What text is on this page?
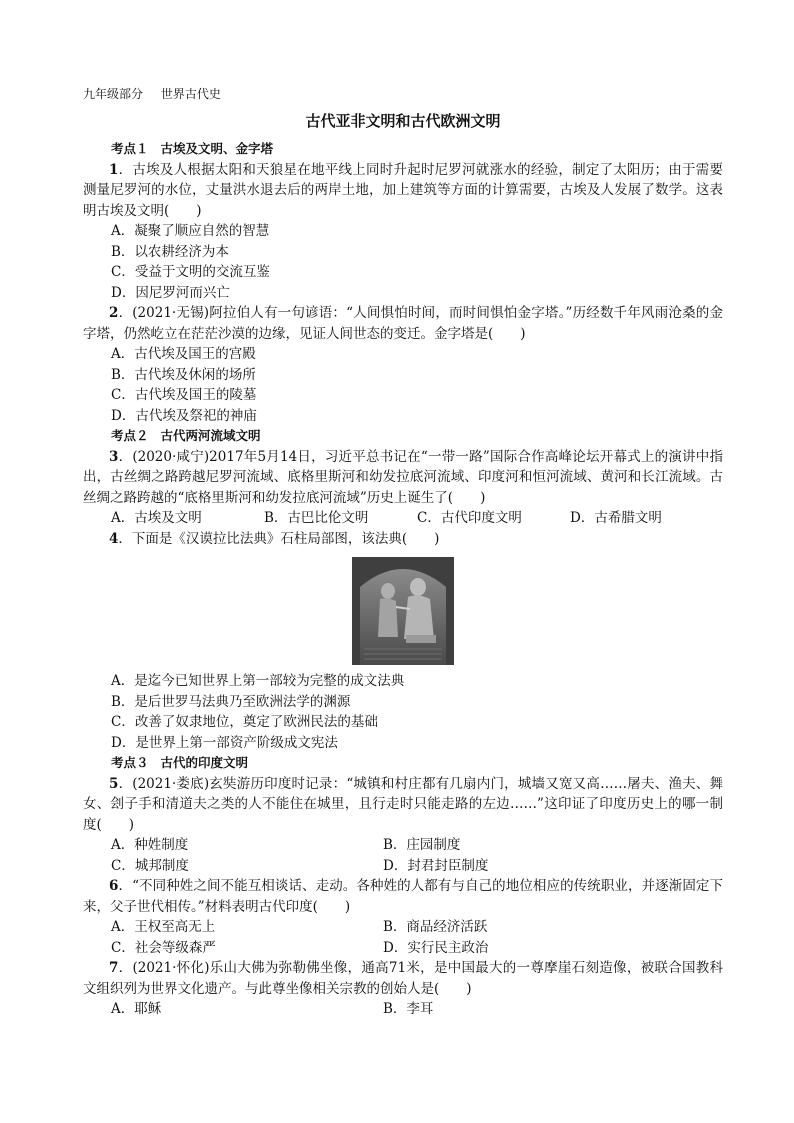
九年级部分 世界古代史
古代亚非文明和古代欧洲文明
考点１ 古埃及文明、金字塔
1．古埃及人根据太阳和天狼星在地平线上同时升起时尼罗河就涨水的经验，制定了太阳历；由于需要测量尼罗河的水位，丈量洪水退去后的两岸土地，加上建筑等方面的计算需要，古埃及人发展了数学。这表明古埃及文明(　　)
A．凝聚了顺应自然的智慧
B．以农耕经济为本
C．受益于文明的交流互鉴
D．因尼罗河而兴亡
2．(2021·无锡)阿拉伯人有一句谚语：“人间惧怕时间，而时间惧怕金字塔。”历经数千年风雨沧桑的金字塔，仍然屹立在茫茫沙漠的边缘，见证人间世态的变迁。金字塔是(　　)
A．古代埃及国王的宫殿
B．古代埃及休闲的场所
C．古代埃及国王的陵墓
D．古代埃及祭祀的神庙
考点２ 古代两河流域文明
3．(2020·咸宁)2017年5月14日，习近平总书记在“一带一路”国际合作高峰论坛开幕式上的演讲中指出，古丝绸之路跨越尼罗河流域、底格里斯河和幼发拉底河流域、印度河和恒河流域、黄河和长江流域。古丝绸之路跨越的“底格里斯河和幼发拉底河流域”历史上诞生了(　　)
A．古埃及文明	B．古巴比伦文明	C．古代印度文明	D．古希腊文明
4．下面是《汉谟拉比法典》石柱局部图，该法典(　　)
A．是迄今已知世界上第一部较为完整的成文法典
B．是后世罗马法典乃至欧洲法学的渊源
C．改善了奴隶地位，奠定了欧洲民法的基础
D．是世界上第一部资产阶级成文宪法
考点３ 古代的印度文明
5．(2021·娄底)玄奘游历印度时记录：“城镇和村庄都有几扇内门，城墙又宽又高……屠夫、渔夫、舞女、刽子手和清道夫之类的人不能住在城里，且行走时只能走路的左边……”这印证了印度历史上的哪一制度(　　)
A．种姓制度	B．庄园制度
C．城邦制度	D．封君封臣制度
6．“不同种姓之间不能互相谈话、走动。各种姓的人都有与自己的地位相应的传统职业，并逐渐固定下来，父子世代相传。”材料表明古代印度(　　)
A．王权至高无上	B．商品经济活跃
C．社会等级森严	D．实行民主政治
7．(2021·怀化)乐山大佛为弥勒佛坐像，通高71米，是中国最大的一尊摩崖石刻造像，被联合国教科文组织列为世界文化遗产。与此尊坐像相关宗教的创始人是(　　)
A．耶稣	B．李耳
